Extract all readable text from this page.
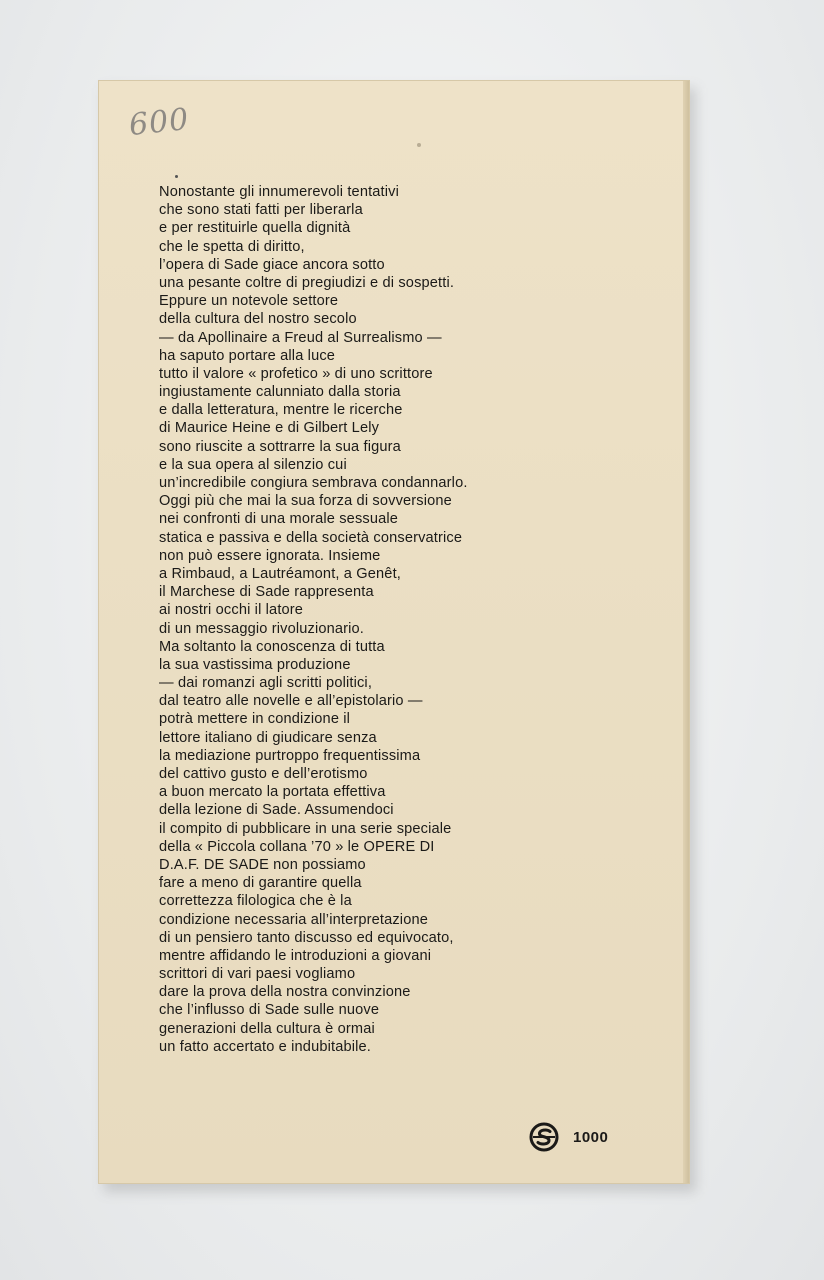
600
Nonostante gli innumerevoli tentativi
che sono stati fatti per liberarla
e per restituirle quella dignità
che le spetta di diritto,
l’opera di Sade giace ancora sotto
una pesante coltre di pregiudizi e di sospetti.
Eppure un notevole settore
della cultura del nostro secolo
— da Apollinaire a Freud al Surrealismo —
ha saputo portare alla luce
tutto il valore « profetico » di uno scrittore
ingiustamente calunniato dalla storia
e dalla letteratura, mentre le ricerche
di Maurice Heine e di Gilbert Lely
sono riuscite a sottrarre la sua figura
e la sua opera al silenzio cui
un’incredibile congiura sembrava condannarlo.
Oggi più che mai la sua forza di sovversione
nei confronti di una morale sessuale
statica e passiva e della società conservatrice
non può essere ignorata. Insieme
a Rimbaud, a Lautréamont, a Genêt,
il Marchese di Sade rappresenta
ai nostri occhi il latore
di un messaggio rivoluzionario.
Ma soltanto la conoscenza di tutta
la sua vastissima produzione
— dai romanzi agli scritti politici,
dal teatro alle novelle e all’epistolario —
potrà mettere in condizione il
lettore italiano di giudicare senza
la mediazione purtroppo frequentissima
del cattivo gusto e dell’erotismo
a buon mercato la portata effettiva
della lezione di Sade. Assumendoci
il compito di pubblicare in una serie speciale
della « Piccola collana ’70 » le OPERE DI
D.A.F. DE SADE non possiamo
fare a meno di garantire quella
correttezza filologica che è la
condizione necessaria all’interpretazione
di un pensiero tanto discusso ed equivocato,
mentre affidando le introduzioni a giovani
scrittori di vari paesi vogliamo
dare la prova della nostra convinzione
che l’influsso di Sade sulle nuove
generazioni della cultura è ormai
un fatto accertato e indubitabile.
1000
